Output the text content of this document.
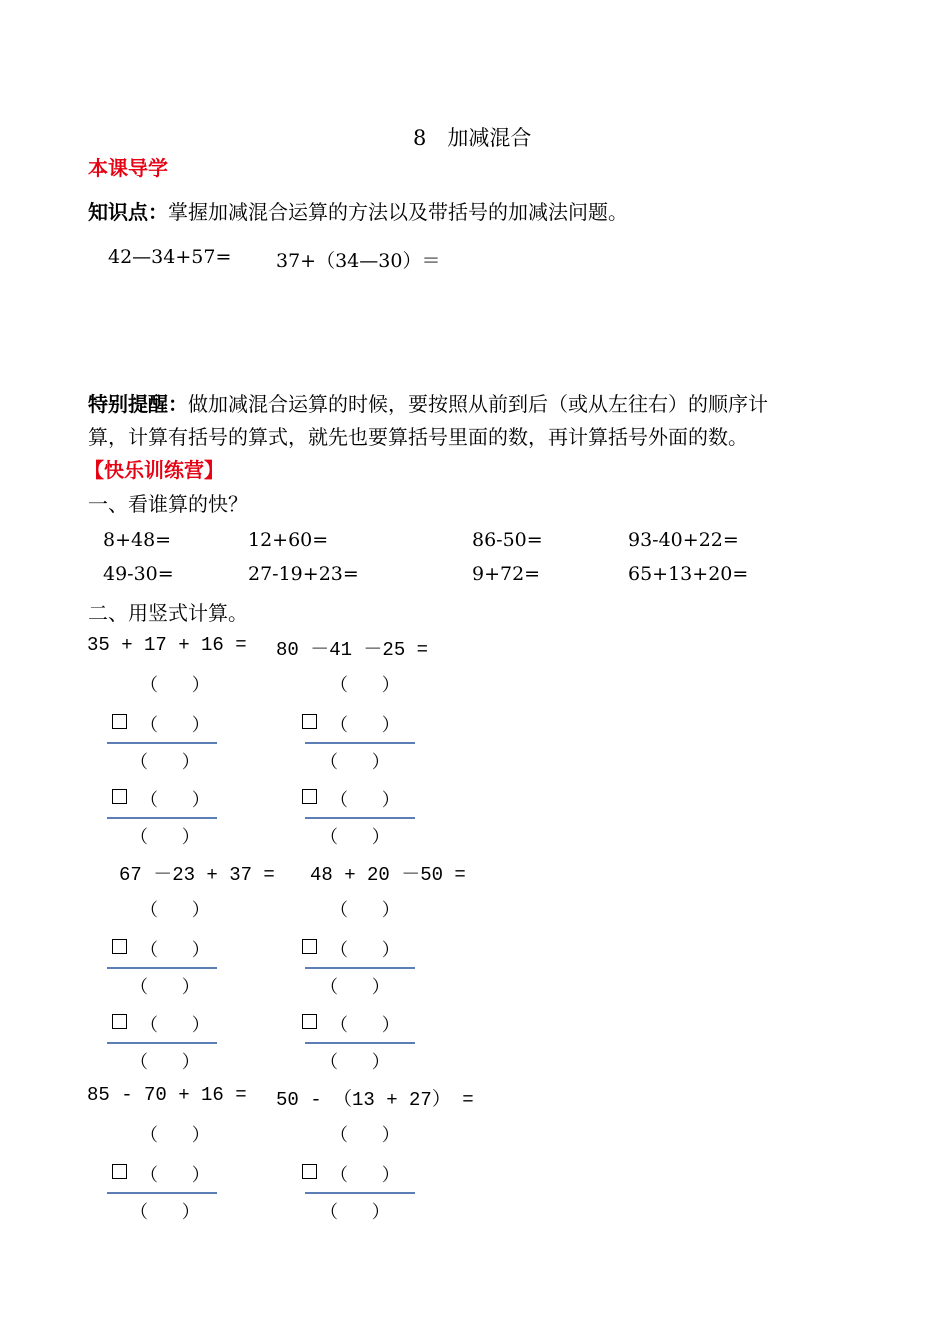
8　加减混合
本课导学
知识点：掌握加减混合运算的方法以及带括号的加减法问题。
42—34+57= 37+（34—30）＝
特别提醒：做加减混合运算的时候，要按照从前到后（或从左往右）的顺序计
算，计算有括号的算式，就先也要算括号里面的数，再计算括号外面的数。
【快乐训练营】
一、看谁算的快？
8+48=	12+60=	86-50=	93-40+22=
49-30=	27-19+23=	9+72=	65+13+20=
二、用竖式计算。
35 + 17 + 16 = 80 －41 －25 =
（ ）	（ ）
（ ）	（ ）
（ ）	（ ）
（ ）	（ ）
（ ）	（ ）
67 －23 + 37 = 48 + 20 －50 =
（ ）	（ ）
（ ）	（ ）
（ ）	（ ）
（ ）	（ ）
（ ）	（ ）
85 - 70 + 16 = 50 - （13 + 27） =
（ ）	（ ）
（ ）	（ ）
（ ）	（ ）
